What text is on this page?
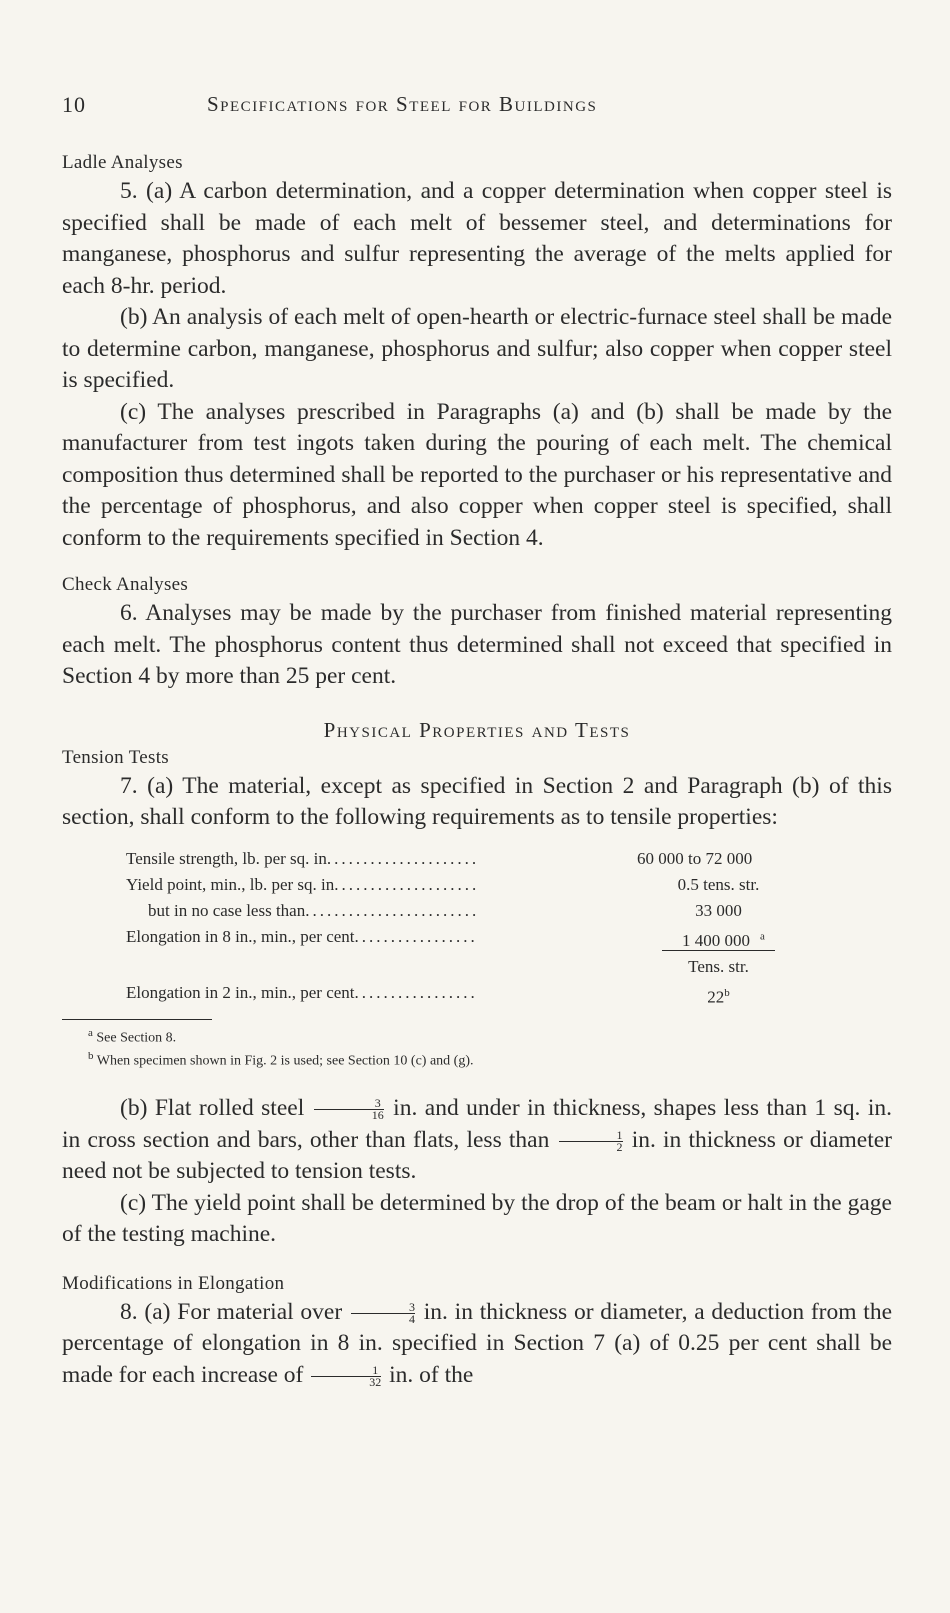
10	Specifications for Steel for Buildings

Ladle Analyses

5. (a) A carbon determination, and a copper determination when copper steel is specified shall be made of each melt of bessemer steel, and determinations for manganese, phosphorus and sulfur representing the average of the melts applied for each 8-hr. period.

(b) An analysis of each melt of open-hearth or electric-furnace steel shall be made to determine carbon, manganese, phosphorus and sulfur; also copper when copper steel is specified.

(c) The analyses prescribed in Paragraphs (a) and (b) shall be made by the manufacturer from test ingots taken during the pouring of each melt. The chemical composition thus determined shall be reported to the purchaser or his representative and the percentage of phosphorus, and also copper when copper steel is specified, shall conform to the requirements specified in Section 4.

Check Analyses

6. Analyses may be made by the purchaser from finished material representing each melt. The phosphorus content thus determined shall not exceed that specified in Section 4 by more than 25 per cent.

Physical Properties and Tests

Tension Tests

7. (a) The material, except as specified in Section 2 and Paragraph (b) of this section, shall conform to the following requirements as to tensile properties:

Tensile strength, lb. per sq. in.....................	60 000 to 72 000
Yield point, min., lb. per sq. in....................	0.5 tens. str.
but in no case less than........................	33 000
Elongation in 8 in., min., per cent.................	1 400 000 $^a$
Tens. str.
Elongation in 2 in., min., per cent.................	22$^b$

$^a$ See Section 8.

$^b$ When specimen shown in Fig. 2 is used; see Section 10 (c) and (g).

(b) Flat rolled steel $\frac{3}{16}$ in. and under in thickness, shapes less than 1 sq. in. in cross section and bars, other than flats, less than $\frac{1}{2}$ in. in thickness or diameter need not be subjected to tension tests.

(c) The yield point shall be determined by the drop of the beam or halt in the gage of the testing machine.

Modifications in Elongation

8. (a) For material over $\frac{3}{4}$ in. in thickness or diameter, a deduction from the percentage of elongation in 8 in. specified in Section 7 (a) of 0.25 per cent shall be made for each increase of $\frac{1}{32}$ in. of the
